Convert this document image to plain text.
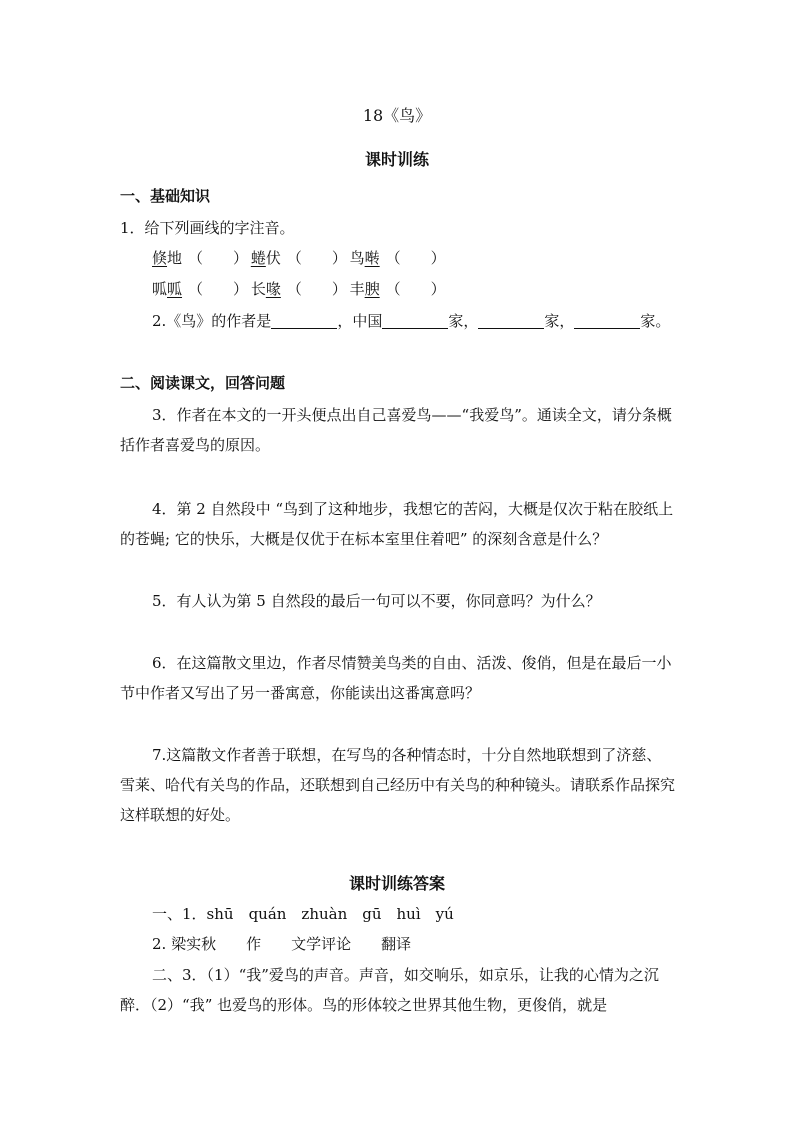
18《鸟》
课时训练
一、基础知识
1．给下列画线的字注音。
倏地 （　　） 蜷伏 （　　） 鸟啭 （　　）
呱呱 （　　） 长喙 （　　） 丰腴 （　　）
2.《鸟》的作者是	，中国	家，	家，	家。
二、阅读课文，回答问题
3．作者在本文的一开头便点出自己喜爱鸟——“我爱鸟”。通读全文，请分条概括作者喜爱鸟的原因。
4．第 2 自然段中 “鸟到了这种地步，我想它的苦闷，大概是仅次于粘在胶纸上的苍蝇; 它的快乐，大概是仅优于在标本室里住着吧” 的深刻含意是什么？
5．有人认为第 5 自然段的最后一句可以不要，你同意吗？为什么？
6．在这篇散文里边，作者尽情赞美鸟类的自由、活泼、俊俏，但是在最后一小节中作者又写出了另一番寓意，你能读出这番寓意吗？
7.这篇散文作者善于联想，在写鸟的各种情态时，十分自然地联想到了济慈、雪莱、哈代有关鸟的作品，还联想到自己经历中有关鸟的种种镜头。请联系作品探究这样联想的好处。
课时训练答案
一、1．shū　quán　zhuàn　gū　huì　yú
2. 梁实秋　　作　　文学评论　　翻译
二、3．（1）“我”爱鸟的声音。声音，如交响乐，如京乐，让我的心情为之沉醉．（2）“我” 也爱鸟的形体。鸟的形体较之世界其他生物，更俊俏，就是
